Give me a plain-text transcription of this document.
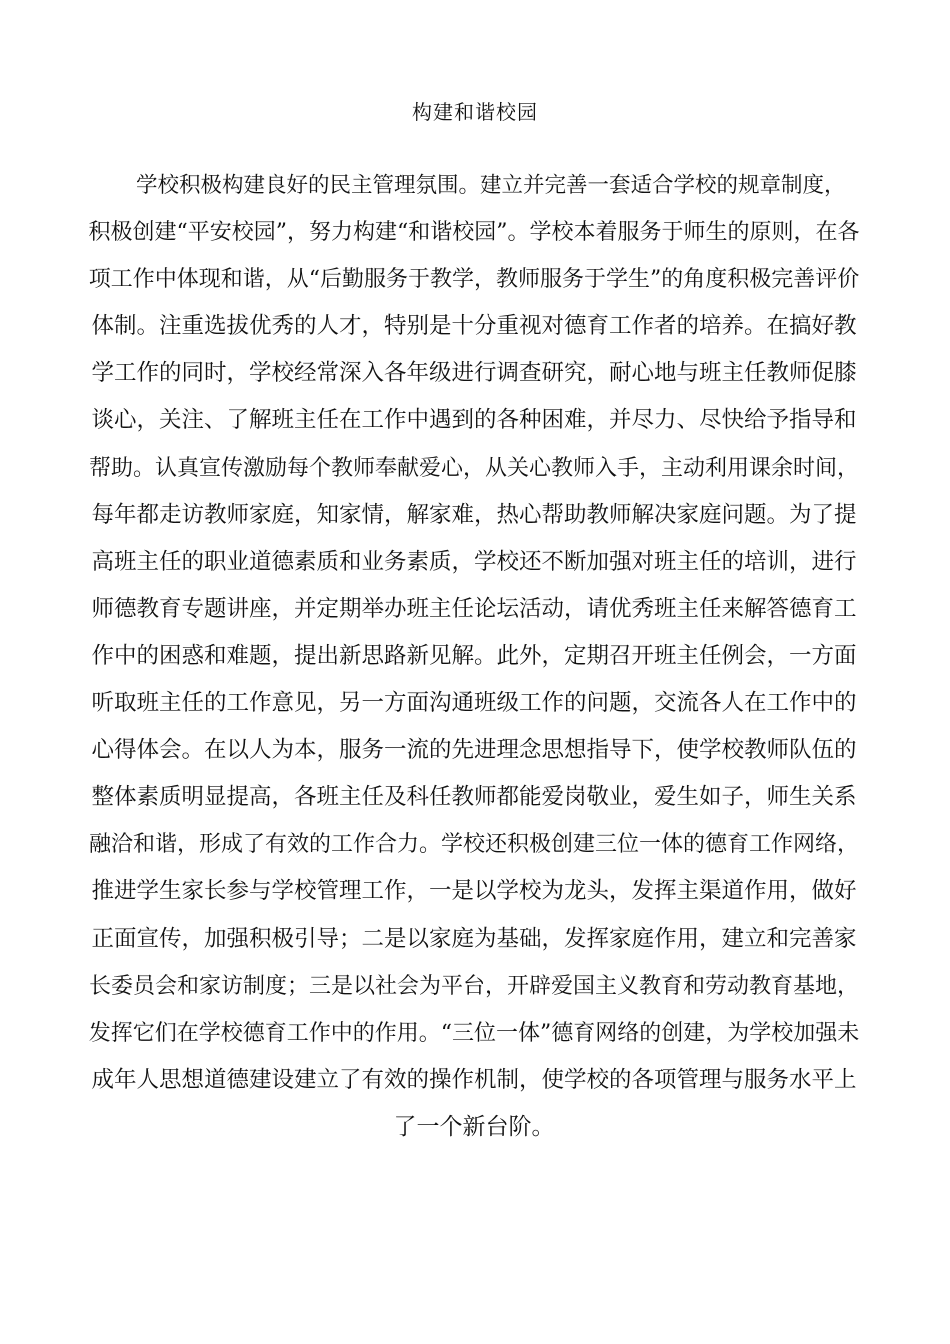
构建和谐校园
学校积极构建良好的民主管理氛围。建立并完善一套适合学校的规章制度，
积极创建“平安校园”，努力构建“和谐校园”。学校本着服务于师生的原则，在各
项工作中体现和谐，从“后勤服务于教学，教师服务于学生”的角度积极完善评价
体制。注重选拔优秀的人才，特别是十分重视对德育工作者的培养。在搞好教
学工作的同时，学校经常深入各年级进行调查研究，耐心地与班主任教师促膝
谈心，关注、了解班主任在工作中遇到的各种困难，并尽力、尽快给予指导和
帮助。认真宣传激励每个教师奉献爱心，从关心教师入手，主动利用课余时间，
每年都走访教师家庭，知家情，解家难，热心帮助教师解决家庭问题。为了提
高班主任的职业道德素质和业务素质，学校还不断加强对班主任的培训，进行
师德教育专题讲座，并定期举办班主任论坛活动，请优秀班主任来解答德育工
作中的困惑和难题，提出新思路新见解。此外，定期召开班主任例会，一方面
听取班主任的工作意见，另一方面沟通班级工作的问题，交流各人在工作中的
心得体会。在以人为本，服务一流的先进理念思想指导下，使学校教师队伍的
整体素质明显提高，各班主任及科任教师都能爱岗敬业，爱生如子，师生关系
融洽和谐，形成了有效的工作合力。学校还积极创建三位一体的德育工作网络，
推进学生家长参与学校管理工作，一是以学校为龙头，发挥主渠道作用，做好
正面宣传，加强积极引导；二是以家庭为基础，发挥家庭作用，建立和完善家
长委员会和家访制度；三是以社会为平台，开辟爱国主义教育和劳动教育基地，
发挥它们在学校德育工作中的作用。“三位一体”德育网络的创建，为学校加强未
成年人思想道德建设建立了有效的操作机制，使学校的各项管理与服务水平上
了一个新台阶。
